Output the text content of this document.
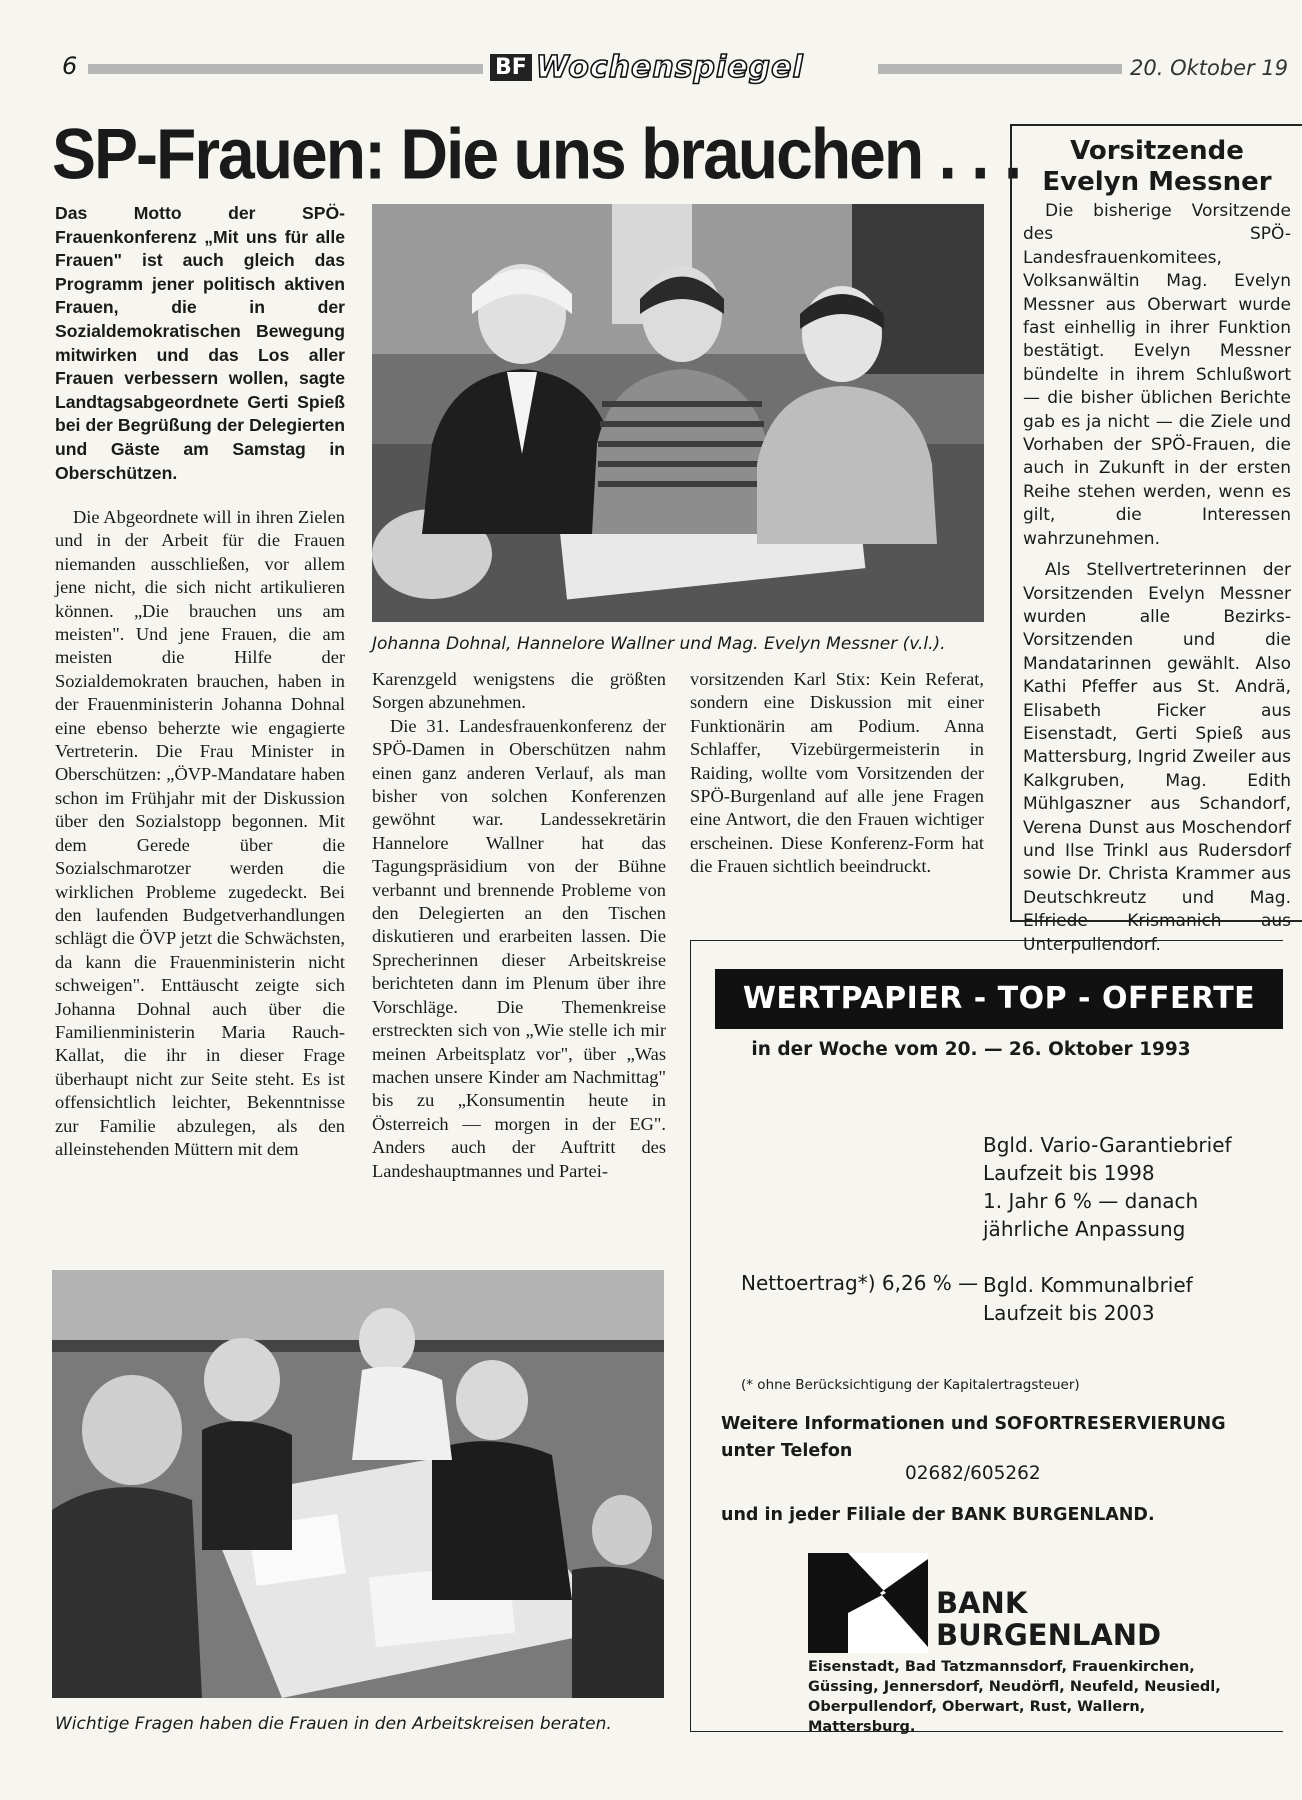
6	BF Wochenspiegel	20. Oktober 19
SP-Frauen: Die uns brauchen . . .
Das Motto der SPÖ-Frauenkonferenz „Mit uns für alle Frauen" ist auch gleich das Programm jener politisch aktiven Frauen, die in der Sozialdemokratischen Bewegung mitwirken und das Los aller Frauen verbessern wollen, sagte Landtagsabgeordnete Gerti Spieß bei der Begrüßung der Delegierten und Gäste am Samstag in Oberschützen.

Die Abgeordnete will in ihren Zielen und in der Arbeit für die Frauen niemanden ausschließen, vor allem jene nicht, die sich nicht artikulieren können. „Die brauchen uns am meisten". Und jene Frauen, die am meisten die Hilfe der Sozialdemokraten brauchen, haben in der Frauenministerin Johanna Dohnal eine ebenso beherzte wie engagierte Vertreterin. Die Frau Minister in Oberschützen: „ÖVP-Mandatare haben schon im Frühjahr mit der Diskussion über den Sozialstopp begonnen. Mit dem Gerede über die Sozialschmarotzer werden die wirklichen Probleme zugedeckt. Bei den laufenden Budgetverhandlungen schlägt die ÖVP jetzt die Schwächsten, da kann die Frauenministerin nicht schweigen". Enttäuscht zeigte sich Johanna Dohnal auch über die Familienministerin Maria Rauch-Kallat, die ihr in dieser Frage überhaupt nicht zur Seite steht. Es ist offensichtlich leichter, Bekenntnisse zur Familie abzulegen, als den alleinstehenden Müttern mit dem

Johanna Dohnal, Hannelore Wallner und Mag. Evelyn Messner (v.l.).

Karenzgeld wenigstens die größten Sorgen abzunehmen.

Die 31. Landesfrauenkonferenz der SPÖ-Damen in Oberschützen nahm einen ganz anderen Verlauf, als man bisher von solchen Konferenzen gewöhnt war. Landessekretärin Hannelore Wallner hat das Tagungspräsidium von der Bühne verbannt und brennende Probleme von den Delegierten an den Tischen diskutieren und erarbeiten lassen. Die Sprecherinnen dieser Arbeitskreise berichteten dann im Plenum über ihre Vorschläge. Die Themenkreise erstreckten sich von „Wie stelle ich mir meinen Arbeitsplatz vor", über „Was machen unsere Kinder am Nachmittag" bis zu „Konsumentin heute in Österreich — morgen in der EG". Anders auch der Auftritt des Landeshauptmannes und Partei-

vorsitzenden Karl Stix: Kein Referat, sondern eine Diskussion mit einer Funktionärin am Podium. Anna Schlaffer, Vizebürgermeisterin in Raiding, wollte vom Vorsitzenden der SPÖ-Burgenland auf alle jene Fragen eine Antwort, die den Frauen wichtiger erscheinen. Diese Konferenz-Form hat die Frauen sichtlich beeindruckt.

Wichtige Fragen haben die Frauen in den Arbeitskreisen beraten.
Vorsitzende
Evelyn Messner

Die bisherige Vorsitzende des SPÖ-Landesfrauenkomitees, Volksanwältin Mag. Evelyn Messner aus Oberwart wurde fast einhellig in ihrer Funktion bestätigt. Evelyn Messner bündelte in ihrem Schlußwort — die bisher üblichen Berichte gab es ja nicht — die Ziele und Vorhaben der SPÖ-Frauen, die auch in Zukunft in der ersten Reihe stehen werden, wenn es gilt, die Interessen wahrzunehmen.

Als Stellvertreterinnen der Vorsitzenden Evelyn Messner wurden alle Bezirks-Vorsitzenden und die Mandatarinnen gewählt. Also Kathi Pfeffer aus St. Andrä, Elisabeth Ficker aus Eisenstadt, Gerti Spieß aus Mattersburg, Ingrid Zweiler aus Kalkgruben, Mag. Edith Mühlgaszner aus Schandorf, Verena Dunst aus Moschendorf und Ilse Trinkl aus Rudersdorf sowie Dr. Christa Krammer aus Deutschkreutz und Mag. Elfriede Krismanich aus Unterpullendorf.

WERTPAPIER - TOP - OFFERTE
in der Woche vom 20. — 26. Oktober 1993
Bgld. Vario-Garantiebrief
Laufzeit bis 1998
1. Jahr 6 % — danach
jährliche Anpassung
Nettoertrag*) 6,26 % — Bgld. Kommunalbrief
Laufzeit bis 2003
(* ohne Berücksichtigung der Kapitalertragsteuer)
Weitere Informationen und SOFORTRESERVIERUNG
unter Telefon
02682/605262
und in jeder Filiale der BANK BURGENLAND.
BANK
BURGENLAND
Eisenstadt, Bad Tatzmannsdorf, Frauenkirchen, Güssing, Jennersdorf, Neudörfl, Neufeld, Neusiedl, Oberpullendorf, Oberwart, Rust, Wallern, Mattersburg.
